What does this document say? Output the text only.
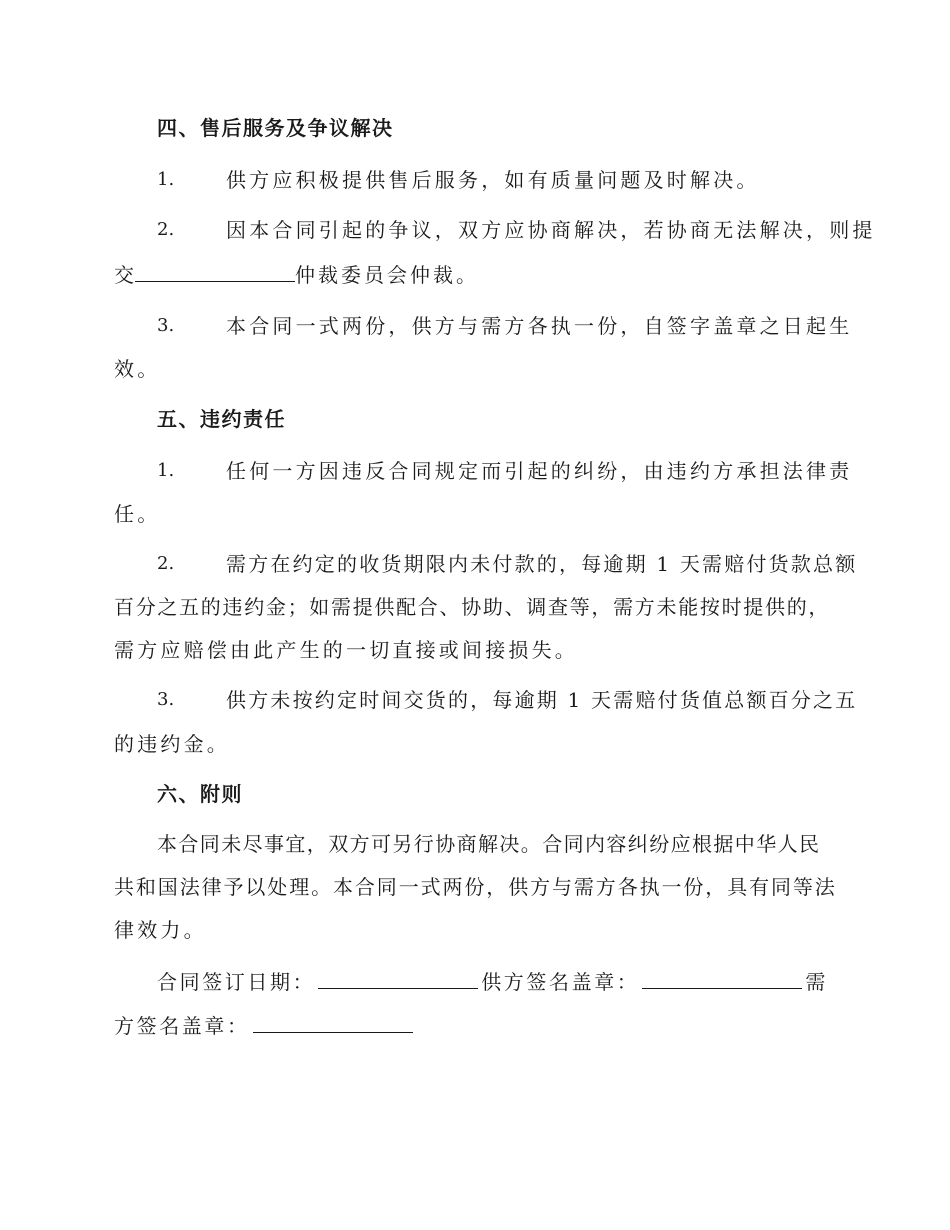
四、售后服务及争议解决
1.	供方应积极提供售后服务，如有质量问题及时解决。
2.	因本合同引起的争议，双方应协商解决，若协商无法解决，则提
交	仲裁委员会仲裁。
3.	本合同一式两份，供方与需方各执一份，自签字盖章之日起生
效。
五、违约责任
1.	任何一方因违反合同规定而引起的纠纷，由违约方承担法律责
任。
2.	需方在约定的收货期限内未付款的，每逾期 1 天需赔付货款总额
百分之五的违约金；如需提供配合、协助、调查等，需方未能按时提供的，
需方应赔偿由此产生的一切直接或间接损失。
3.	供方未按约定时间交货的，每逾期 1 天需赔付货值总额百分之五
的违约金。
六、附则
本合同未尽事宜，双方可另行协商解决。合同内容纠纷应根据中华人民
共和国法律予以处理。本合同一式两份，供方与需方各执一份，具有同等法
律效力。
合同签订日期：	供方签名盖章：	需
方签名盖章：
